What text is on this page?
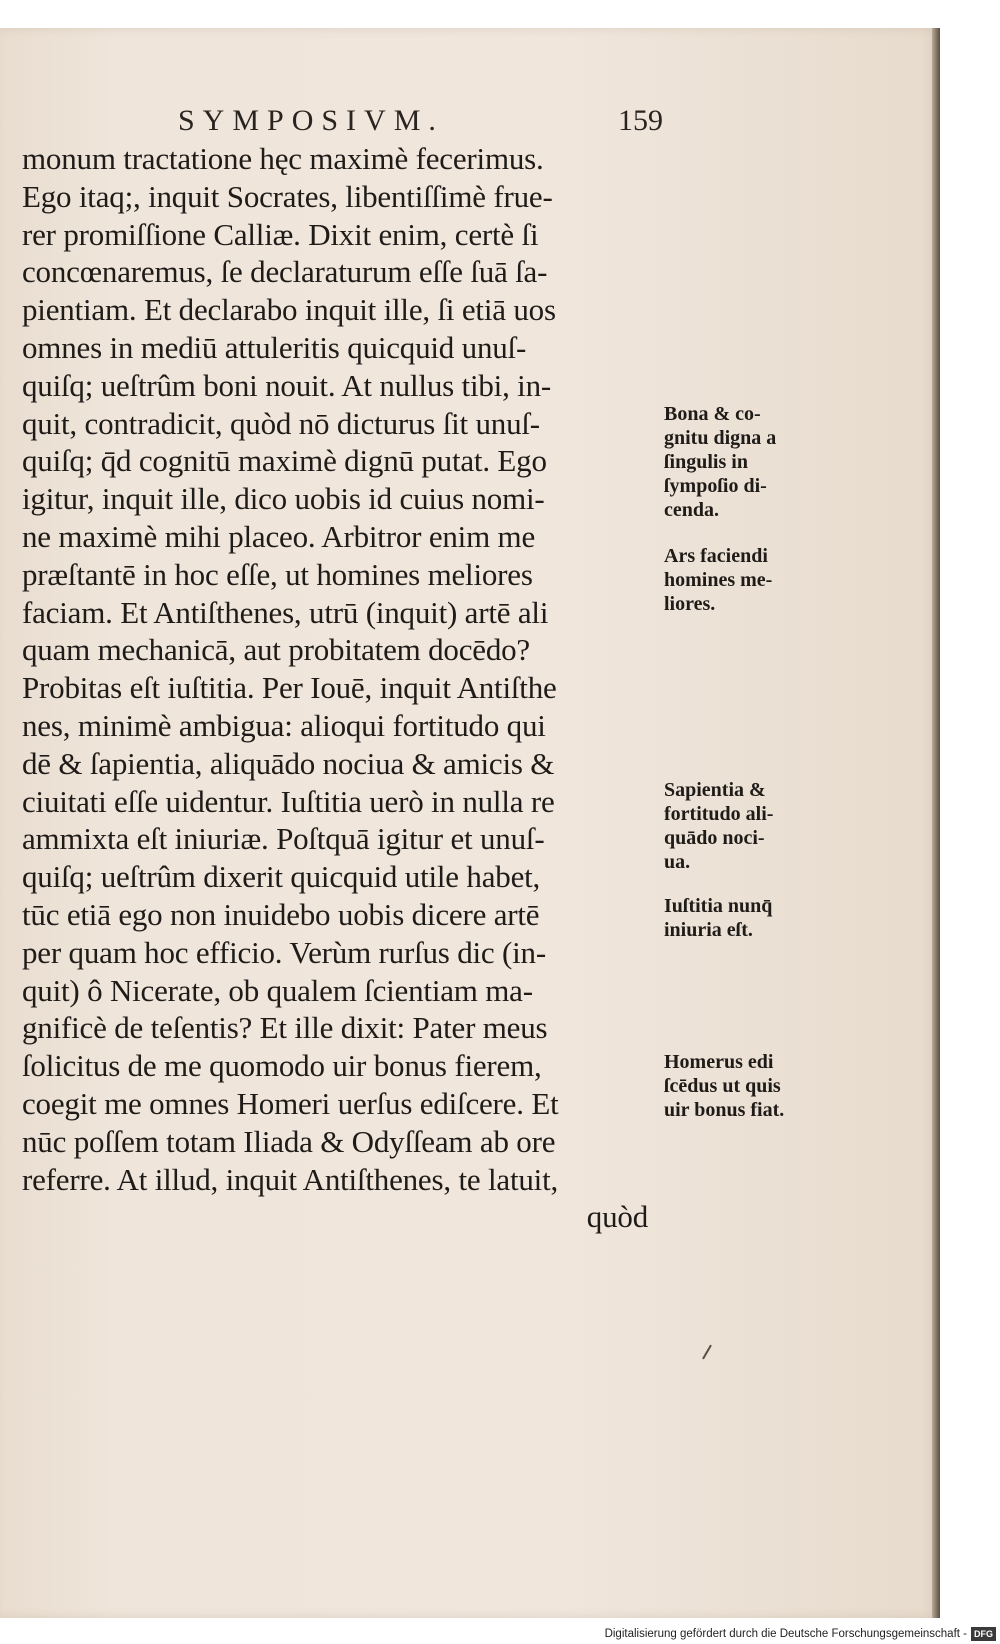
SYMPOSIVM.	159
monum tractatione hęc maximè fecerimus.
Ego itaq;, inquit Socrates, libentiſſimè frue-
rer promiſſione Calliæ. Dixit enim, certè ſi
concœnaremus, ſe declaraturum eſſe ſuā ſa-
pientiam. Et declarabo inquit ille, ſi etiā uos
omnes in mediū attuleritis quicquid unuſ-
quiſq; ueſtrûm boni nouit. At nullus tibi, in-
quit, contradicit, quòd nō dicturus ſit unuſ-
quiſq; q̄d cognitū maximè dignū putat. Ego
igitur, inquit ille, dico uobis id cuius nomi-
ne maximè mihi placeo. Arbitror enim me
præſtantē in hoc eſſe, ut homines meliores
faciam. Et Antiſthenes, utrū (inquit) artē ali
quam mechanicā, aut probitatem docēdo?
Probitas eſt iuſtitia. Per Iouē, inquit Antiſthe
nes, minimè ambigua: alioqui fortitudo qui
dē & ſapientia, aliquādo nociua & amicis &
ciuitati eſſe uidentur. Iuſtitia uerò in nulla re
ammixta eſt iniuriæ. Poſtquā igitur et unuſ-
quiſq; ueſtrûm dixerit quicquid utile habet,
tūc etiā ego non inuidebo uobis dicere artē
per quam hoc efficio. Verùm rurſus dic (in-
quit) ô Nicerate, ob qualem ſcientiam ma-
gnificè de teſentis? Et ille dixit: Pater meus
ſolicitus de me quomodo uir bonus fierem,
coegit me omnes Homeri uerſus ediſcere. Et
nūc poſſem totam Iliada & Odyſſeam ab ore
referre. At illud, inquit Antiſthenes, te latuit,
quòd
Bona & co-
gnitu digna a
ſingulis in
ſympoſio di-
cenda.
Ars faciendi
homines me-
liores.
Sapientia &
fortitudo ali-
quādo noci-
ua.
Iuſtitia nunq̄
iniuria eſt.
Homerus edi
ſcēdus ut quis
uir bonus fiat.
Digitalisierung gefördert durch die Deutsche Forschungsgemeinschaft - DFG
